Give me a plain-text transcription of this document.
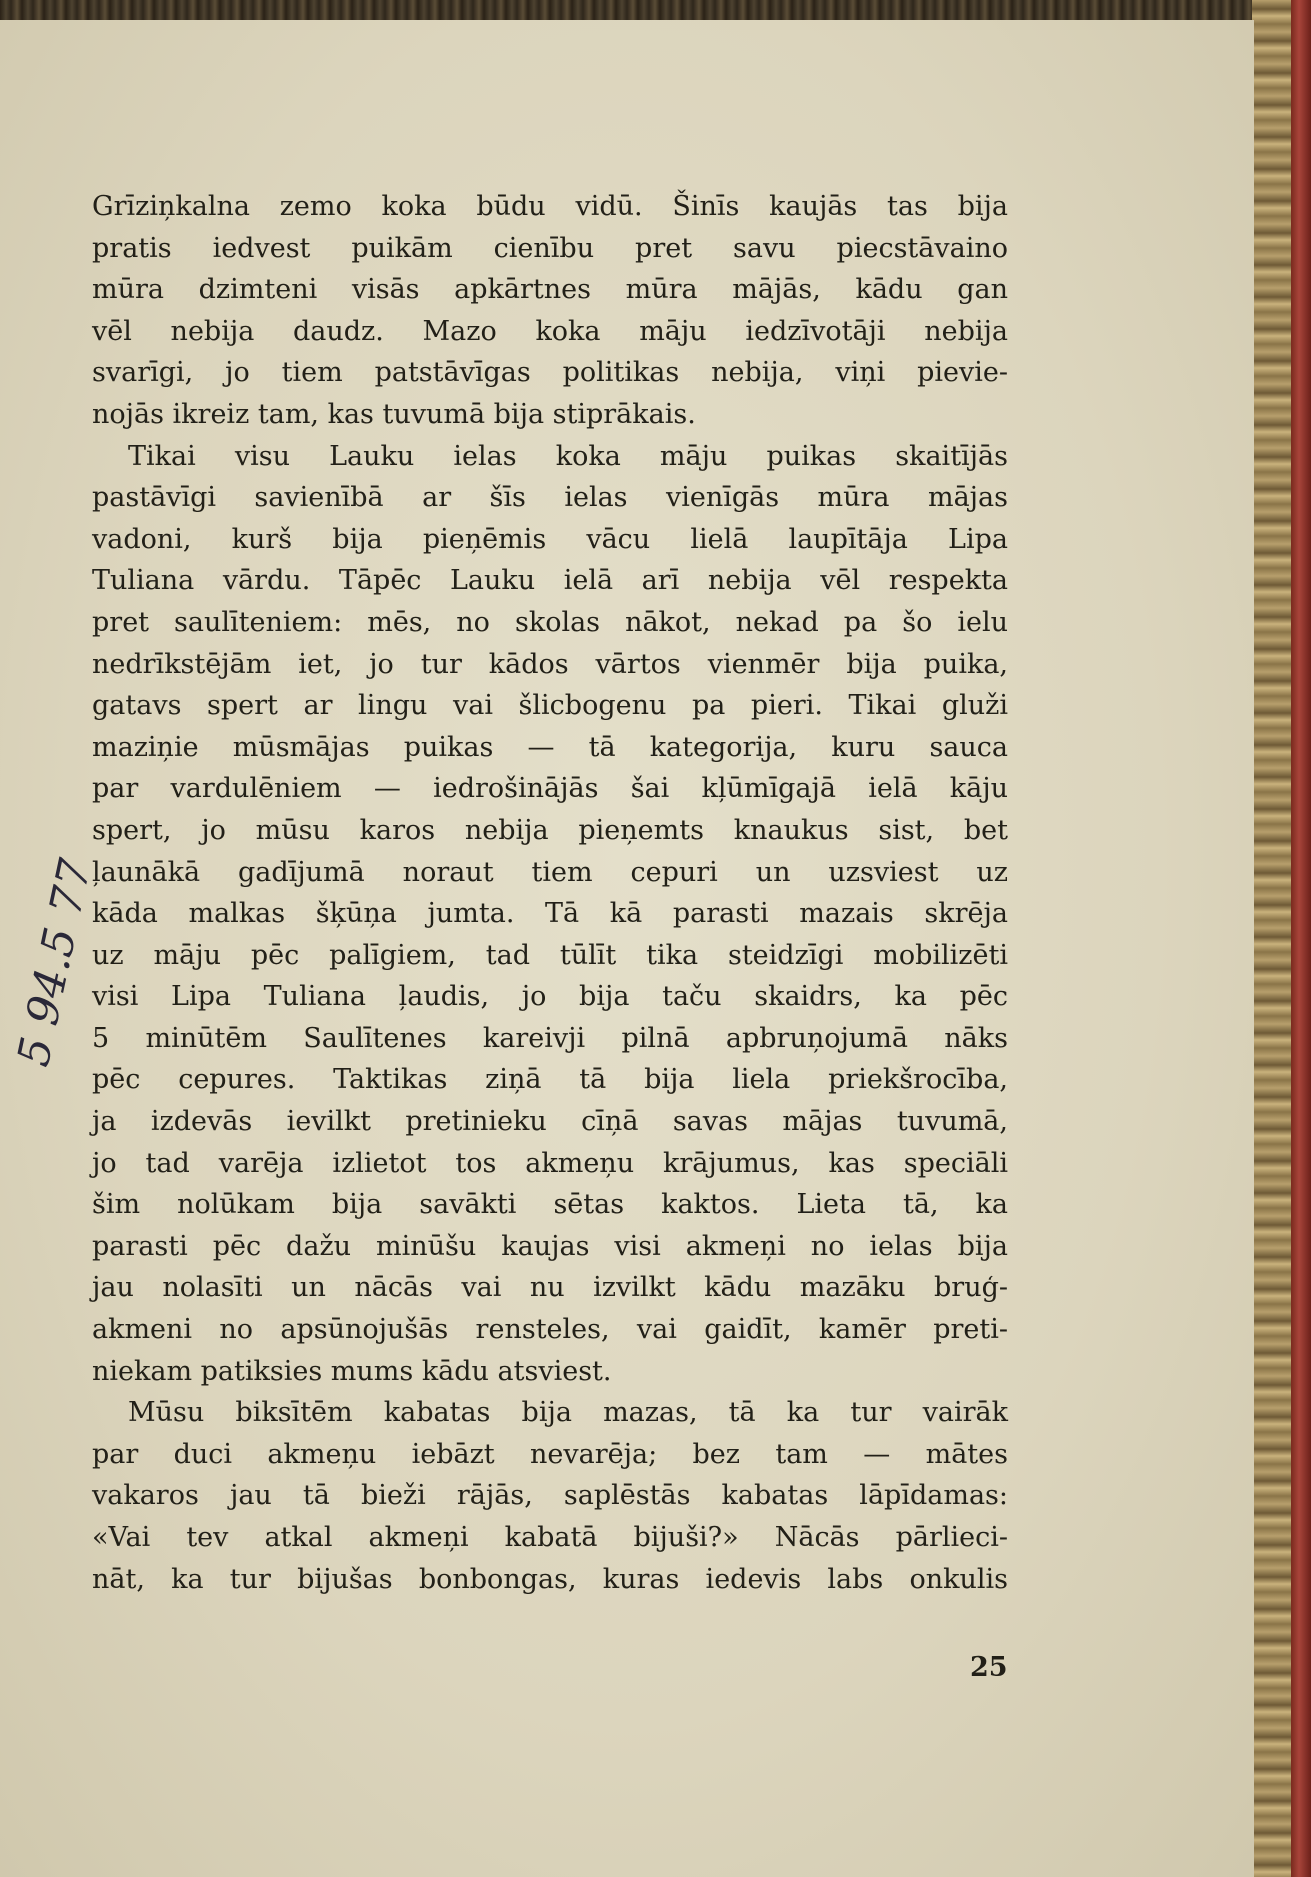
5 94.5 77
Grīziņkalna zemo koka būdu vidū. Šinīs kaujās tas bija
pratis iedvest puikām cienību pret savu piecstāvaino
mūra dzimteni visās apkārtnes mūra mājās, kādu gan
vēl nebija daudz. Mazo koka māju iedzīvotāji nebija
svarīgi, jo tiem patstāvīgas politikas nebija, viņi pievie-
nojās ikreiz tam, kas tuvumā bija stiprākais.
Tikai visu Lauku ielas koka māju puikas skaitījās
pastāvīgi savienībā ar šīs ielas vienīgās mūra mājas
vadoni, kurš bija pieņēmis vācu lielā laupītāja Lipa
Tuliana vārdu. Tāpēc Lauku ielā arī nebija vēl respekta
pret saulīteniem: mēs, no skolas nākot, nekad pa šo ielu
nedrīkstējām iet, jo tur kādos vārtos vienmēr bija puika,
gatavs spert ar lingu vai šlicbogenu pa pieri. Tikai gluži
maziņie mūsmājas puikas — tā kategorija, kuru sauca
par vardulēniem — iedrošinājās šai kļūmīgajā ielā kāju
spert, jo mūsu karos nebija pieņemts knaukus sist, bet
ļaunākā gadījumā noraut tiem cepuri un uzsviest uz
kāda malkas šķūņa jumta. Tā kā parasti mazais skrēja
uz māju pēc palīgiem, tad tūlīt tika steidzīgi mobilizēti
visi Lipa Tuliana ļaudis, jo bija taču skaidrs, ka pēc
5 minūtēm Saulītenes kareivji pilnā apbruņojumā nāks
pēc cepures. Taktikas ziņā tā bija liela priekšrocība,
ja izdevās ievilkt pretinieku cīņā savas mājas tuvumā,
jo tad varēja izlietot tos akmeņu krājumus, kas speciāli
šim nolūkam bija savākti sētas kaktos. Lieta tā, ka
parasti pēc dažu minūšu kaujas visi akmeņi no ielas bija
jau nolasīti un nācās vai nu izvilkt kādu mazāku bruģ-
akmeni no apsūnojušās rensteles, vai gaidīt, kamēr preti-
niekam patiksies mums kādu atsviest.
Mūsu biksītēm kabatas bija mazas, tā ka tur vairāk
par duci akmeņu iebāzt nevarēja; bez tam — mātes
vakaros jau tā bieži rājās, saplēstās kabatas lāpīdamas:
«Vai tev atkal akmeņi kabatā bijuši?» Nācās pārlieci-
nāt, ka tur bijušas bonbongas, kuras iedevis labs onkulis
25
